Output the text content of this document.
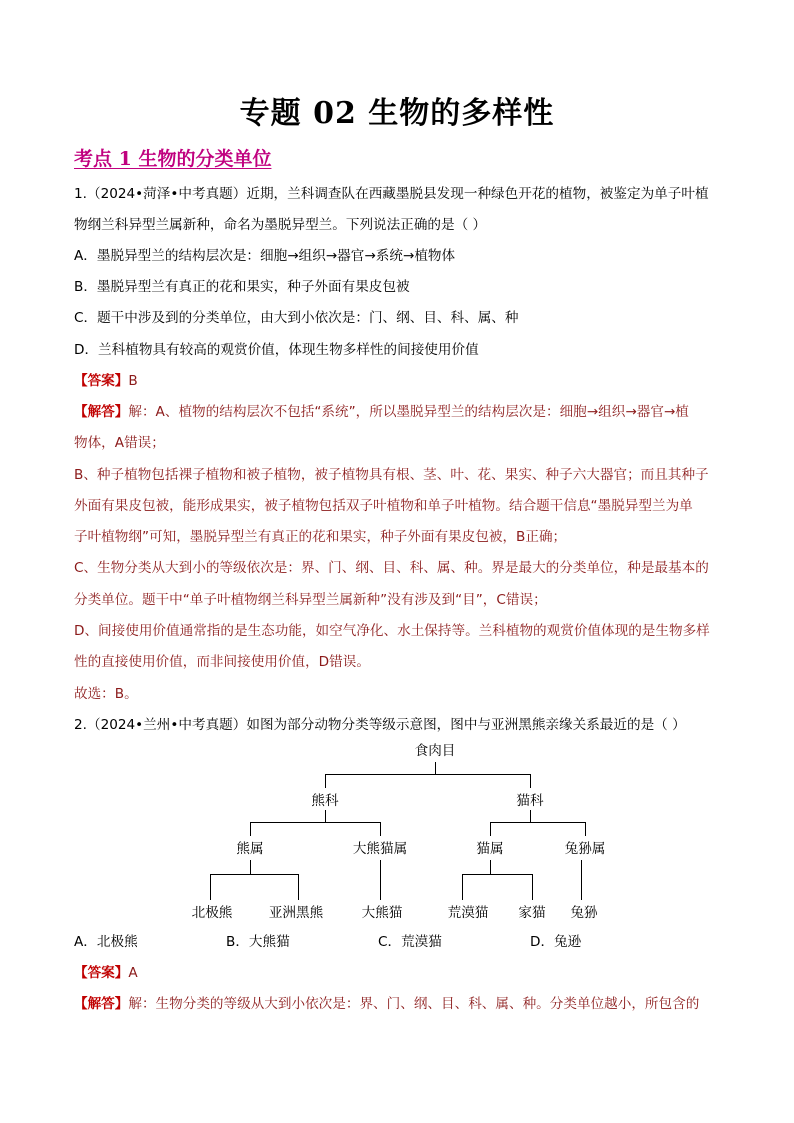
专题 02 生物的多样性
考点 1 生物的分类单位
1.（2024•菏泽•中考真题）近期，兰科调查队在西藏墨脱县发现一种绿色开花的植物，被鉴定为单子叶植
物纲兰科异型兰属新种，命名为墨脱异型兰。下列说法正确的是（ ）
A．墨脱异型兰的结构层次是：细胞→组织→器官→系统→植物体
B．墨脱异型兰有真正的花和果实，种子外面有果皮包被
C．题干中涉及到的分类单位，由大到小依次是：门、纲、目、科、属、种
D．兰科植物具有较高的观赏价值，体现生物多样性的间接使用价值
【答案】B
【解答】解：A、植物的结构层次不包括“系统”，所以墨脱异型兰的结构层次是：细胞→组织→器官→植
物体，A错误；
B、种子植物包括裸子植物和被子植物，被子植物具有根、茎、叶、花、果实、种子六大器官；而且其种子
外面有果皮包被，能形成果实，被子植物包括双子叶植物和单子叶植物。结合题干信息“墨脱异型兰为单
子叶植物纲”可知，墨脱异型兰有真正的花和果实，种子外面有果皮包被，B正确；
C、生物分类从大到小的等级依次是：界、门、纲、目、科、属、种。界是最大的分类单位，种是最基本的
分类单位。题干中“单子叶植物纲兰科异型兰属新种”没有涉及到“目”，C错误；
D、间接使用价值通常指的是生态功能，如空气净化、水土保持等。兰科植物的观赏价值体现的是生物多样
性的直接使用价值，而非间接使用价值，D错误。
故选：B。
2.（2024•兰州•中考真题）如图为部分动物分类等级示意图，图中与亚洲黑熊亲缘关系最近的是（ ）
食肉目
熊科	猫科
熊属	大熊猫属	猫属	兔狲属
北极熊	亚洲黑熊	大熊猫	荒漠猫 家猫 兔狲
A．北极熊	B．大熊猫	C．荒漠猫	D．兔逊
【答案】A
【解答】解：生物分类的等级从大到小依次是：界、门、纲、目、科、属、种。分类单位越小，所包含的
